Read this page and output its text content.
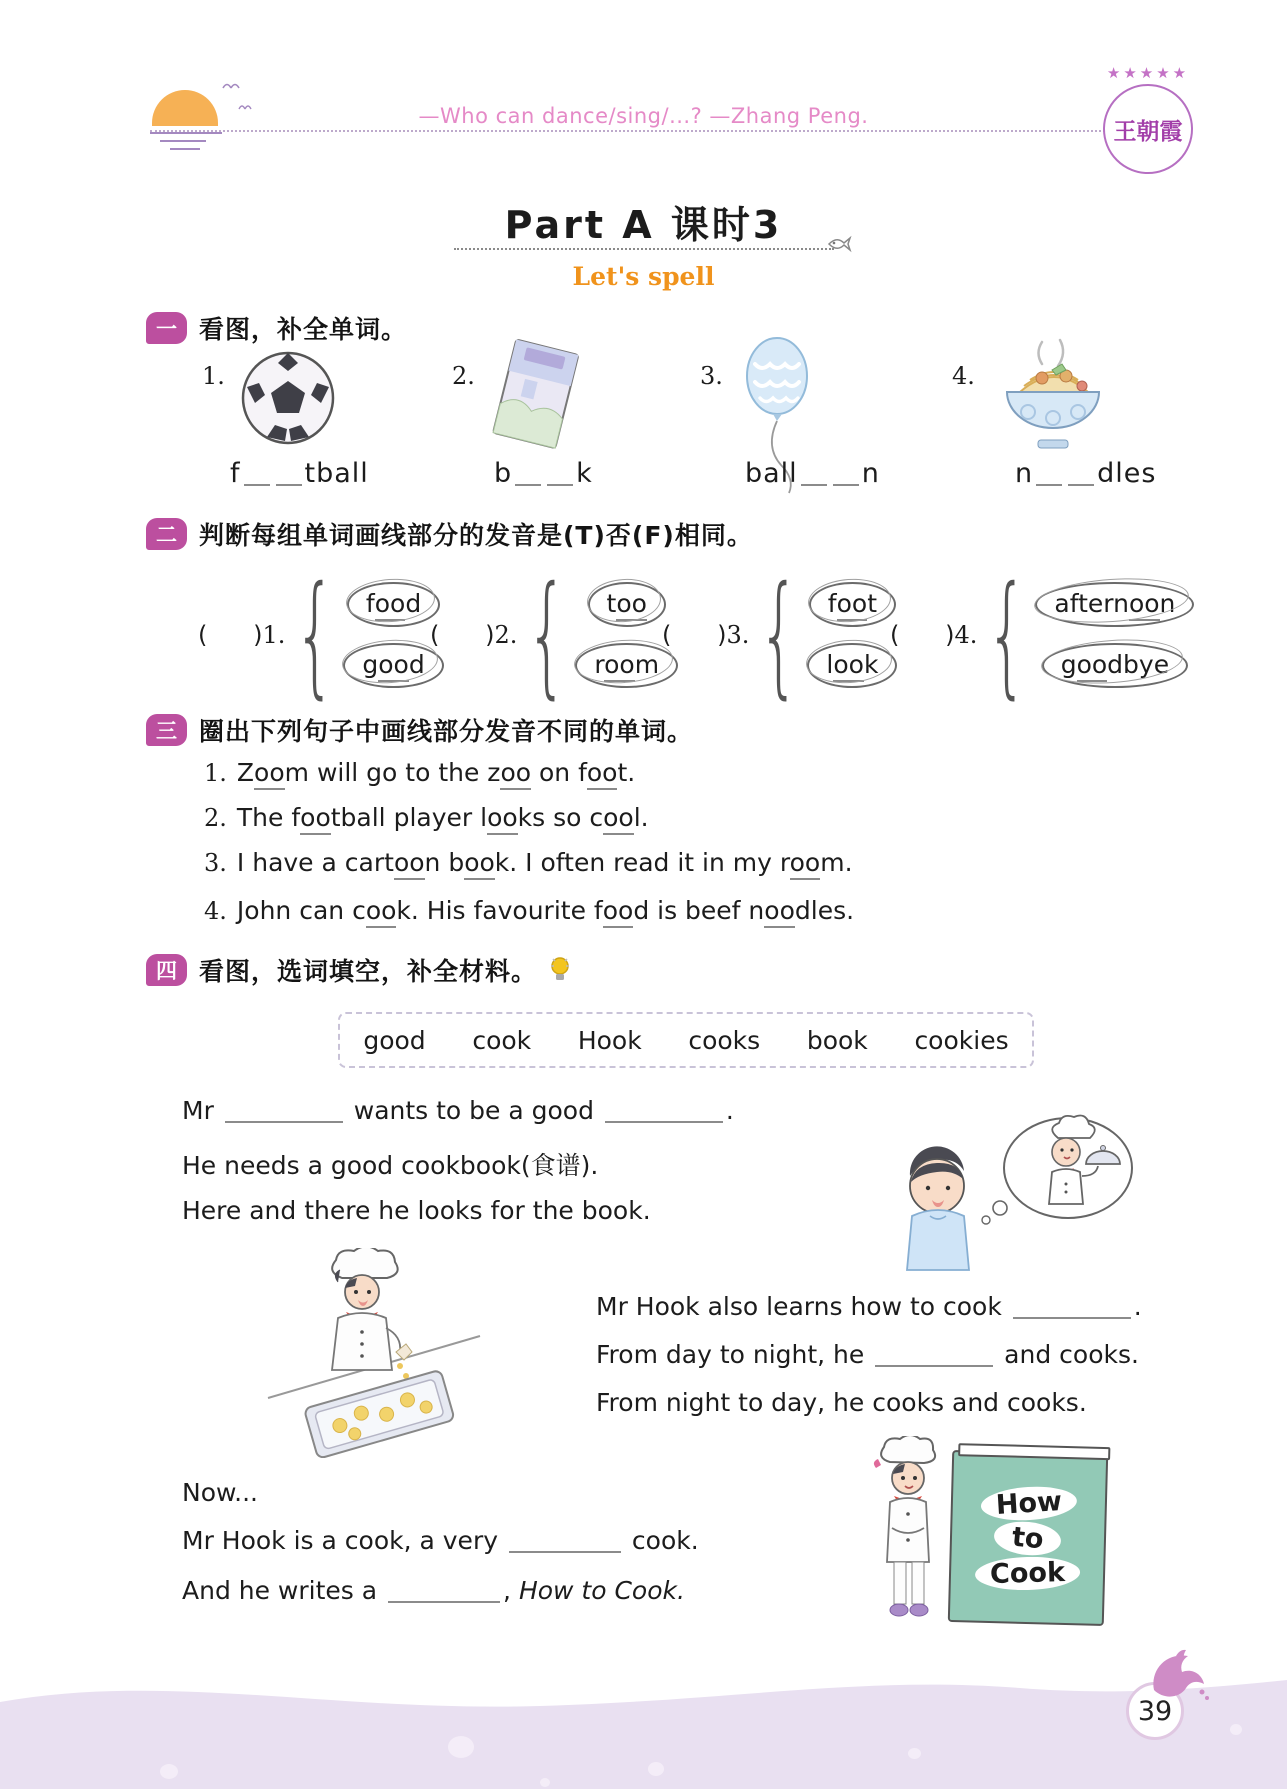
—Who can dance/sing/...? —Zhang Peng.
★★★★★
王朝霞
Part A 课时3
Let's spell
一 看图，补全单词。
1.
f tball
2.
b k
3.
ball n
4.
n dles
二 判断每组单词画线部分的发音是(T)否(F)相同。
(      ) 1. {	food
good
(      ) 2. {	too
room
(      ) 3. {	foot
look
(      ) 4. {	afternoon
goodbye
三 圈出下列句子中画线部分发音不同的单词。
1. Zoom will go to the zoo on foot.
2. The football player looks so cool.
3. I have a cartoon book. I often read it in my room.
4. John can cook. His favourite food is beef noodles.
四 看图，选词填空，补全材料。
good cook Hook cooks book cookies
Mr	wants to be a good	.
He needs a good cookbook(食谱).
Here and there he looks for the book.
Mr Hook also learns how to cook	.
From day to night, he	and cooks.
From night to day, he cooks and cooks.
Now...
Mr Hook is a cook, a very	cook.
And he writes a	, How to Cook.
How
to
Cook
39
